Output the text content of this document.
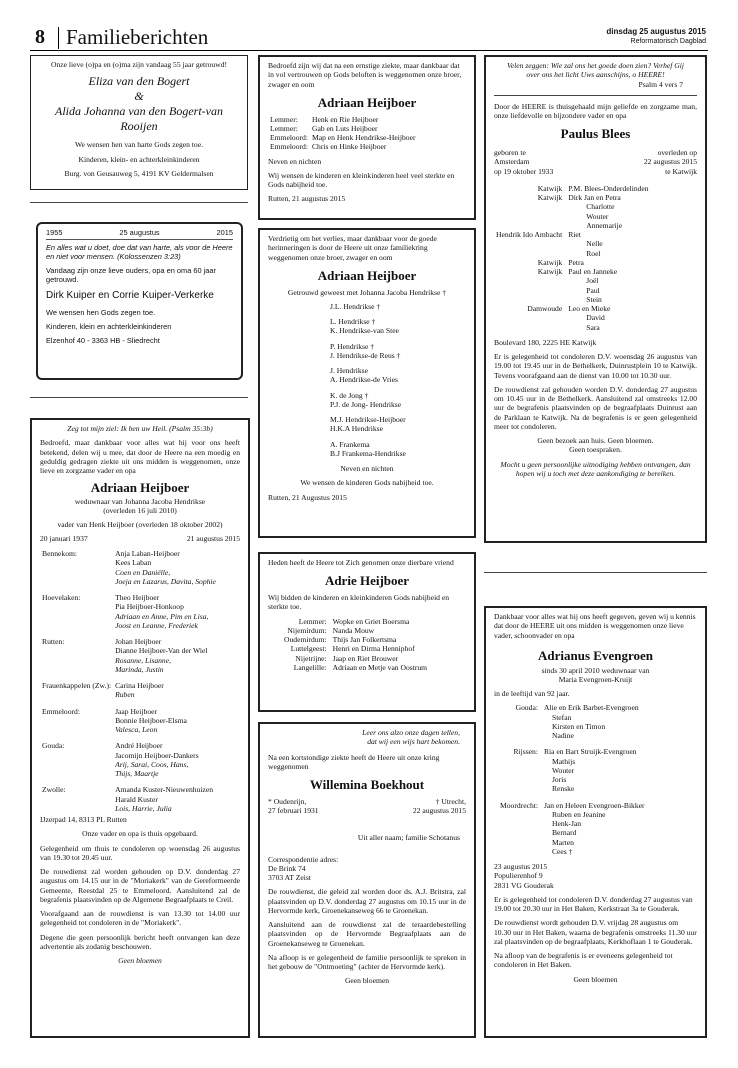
8 Familieberichten	dinsdag 25 augustus 2015
Reformatorisch Dagblad

Onze lieve (o)pa en (o)ma zijn vandaag 55 jaar getrouwd!

Eliza van den Bogert
&
Alida Johanna van den Bogert-van Rooijen

We wensen hen van harte Gods zegen toe.

Kinderen, klein- en achterkleinkinderen

Burg. von Geusauweg 5, 4191 KV Geldermalsen

1955	25 augustus	2015

En alles wat u doet, doe dat van harte, als voor de Heere en niet voor mensen. (Kolossenzen 3:23)

Vandaag zijn onze lieve ouders, opa en oma 60 jaar getrouwd.

Dirk Kuiper en Corrie Kuiper-Verkerke

We wensen hen Gods zegen toe.

Kinderen, klein en achterkleinkinderen

Elzenhof 40 - 3363 HB - Sliedrecht

Zeg tot mijn ziel: Ik ben uw Heil. (Psalm 35:3b)

Bedroefd, maar dankbaar voor alles wat hij voor ons heeft betekend, delen wij u mee, dat door de Heere na een moedig en geduldig gedragen ziekte uit ons midden is weggenomen, onze lieve en zorgzame vader en opa

Adriaan Heijboer
weduwnaar van Johanna Jacoba Hendrikse (overleden 16 juli 2010)

vader van Henk Heijboer (overleden 18 oktober 2002)

20 januari 1937	21 augustus 2015
Bennekom:	Anja Laban-Heijboer
	Kees Laban
	Coen en Daniëlle,
	Joeja en Lazarus, Davita, Sophie

Hoevelaken:	Theo Heijboer
	Pia Heijboer-Honkoop
	Adriaan en Anne, Pim en Lisa,
	Joost en Leanne, Frederiek

Rutten:	Johan Heijboer
	Dianne Heijboer-Van der Wiel
	Rosanne, Lisanne,
	Marinda, Justin

Frauenkappelen (Zw.):	Carina Heijboer
	Ruben

Emmeloord:	Jaap Heijboer
	Bonnie Heijboer-Elsma
	Valesca, Leon

Gouda:	André Heijboer
	Jacomijn Heijboer-Dankers
	Arij, Sarai, Coos, Hans,
	Thijs, Maartje

Zwolle:	Amanda Kuster-Nieuwenhuizen
	Harald Kuster
	Lois, Harrie, Julia

IJzerpad 14, 8313 PL Rutten

Onze vader en opa is thuis opgebaard.

Gelegenheid om thuis te condoleren op woensdag 26 augustus van 19.30 tot 20.45 uur.

De rouwdienst zal worden gehouden op D.V. donderdag 27 augustus om 14.15 uur in de "Moriakerk" van de Gereformeerde Gemeente, Reestdal 25 te Emmeloord. Aansluitend zal de begrafenis plaatsvinden op de Algemene Begraafplaats te Creil.

Voorafgaand aan de rouwdienst is van 13.30 tot 14.00 uur gelegenheid tot condoleren in de "Moriakerk".

Degene die geen persoonlijk bericht heeft ontvangen kan deze advertentie als zodanig beschouwen.

Geen bloemen

Bedroefd zijn wij dat na een ernstige ziekte, maar dankbaar dat in vol vertrouwen op Gods beloften is weggenomen onze broer, zwager en oom

Adriaan Heijboer
Lemmer:	Henk en Rie Heijboer
Lemmer:	Gab en Luts Heijboer
Emmeloord:	Map en Henk Hendrikse-Heijboer
Emmeloord:	Chris en Hinke Heijboer

Neven en nichten

Wij wensen de kinderen en kleinkinderen heel veel sterkte en Gods nabijheid toe.

Rutten, 21 augustus 2015

Verdrietig om het verlies, maar dankbaar voor de goede herinneringen is door de Heere uit onze familiekring weggenomen onze broer, zwager en oom

Adriaan Heijboer

Getrouwd geweest met Johanna Jacoba Hendrikse †

J.L. Hendrikse †
L. Hendrikse †
K. Hendrikse-van Stee
P. Hendrikse †
J. Hendrikse-de Reus †
J. Hendrikse
A. Hendrikse-de Vries
K. de Jong †
P.J. de Jong- Hendrikse
M.J. Hendrikse-Heijboer
H.K.A Hendrikse
A. Frankema
B.J Frankema-Hendrikse

Neven en nichten

We wensen de kinderen Gods nabijheid toe.

Rutten, 21 Augustus 2015

Heden heeft de Heere tot Zich genomen onze dierbare vriend

Adrie Heijboer

Wij bidden de kinderen en kleinkinderen Gods nabijheid en sterkte toe.

Lemmer:	Wopke en Griet Boersma
Nijemirdum:	Nanda Mouw
Oudemirdum:	Thijs Jan Folkertsma
Luttelgeest:	Henri en Dirma Henniphof
Nijetrijne:	Jaap en Riet Brouwer
Langelille:	Adriaan en Metje van Oostrum
Leer ons alzo onze dagen tellen,
dat wij een wijs hart bekomen.

Na een kortstondige ziekte heeft de Heere uit onze kring weggenomen

Willemina Boekhout
* Oudenrijn,	† Utrecht,
27 februari 1931	22 augustus 2015

Uit aller naam; familie Schotanus

Correspondentie adres:
De Brink 74

3703 AT Zeist

De rouwdienst, die geleid zal worden door ds. A.J. Britstra, zal plaatsvinden op D.V. donderdag 27 augustus om 10.15 uur in de Hervormde kerk, Groenekanseweg 66 te Groenekan.

Aansluitend aan de rouwdienst zal de teraardebestelling plaatsvinden op de Hervormde Begraafplaats aan de Groenekanseweg te Groenekan.

Na afloop is er gelegenheid de familie persoonlijk te spreken in het gebouw de "Ontmoeting" (achter de Hervormde kerk).

Geen bloemen

Velen zeggen: Wie zal ons het goede doen zien? Verhef Gij over ons het licht Uws aanschijns, o HEERE!

Psalm 4 vers 7

Door de HEERE is thuisgehaald mijn geliefde en zorgzame man, onze liefdevolle en bijzondere vader en opa

Paulus Blees
geboren te	overleden op
Amsterdam	22 augustus 2015
op 19 oktober 1933	te Katwijk
Katwijk	P.M. Blees-Onderdelinden
Katwijk	Dirk Jan en Petra
	Charlotte
	Wouter
	Annemarije
Hendrik Ido Ambacht	Riet
	Nelle
	Roel
Katwijk	Petra
Katwijk	Paul en Janneke
	Joël
	Paul
	Stein
Damwoude	Leo en Mieke
	David
	Sara

Boulevard 180, 2225 HE Katwijk

Er is gelegenheid tot condoleren D.V. woensdag 26 augustus van 19.00 tot 19.45 uur in de Bethelkerk, Duinrustplein 10 te Katwijk. Tevens voorafgaand aan de dienst van 10.00 tot 10.30 uur.

De rouwdienst zal gehouden worden D.V. donderdag 27 augustus om 10.45 uur in de Bethelkerk. Aansluitend zal omstreeks 12.00 uur de begrafenis plaatsvinden op de begraafplaats Duinrust aan de Parklaan te Katwijk. Na de begrafenis is er geen gelegenheid meer tot condoleren.

Geen bezoek aan huis. Geen bloemen.

Geen toespraken.

Mocht u geen persoonlijke uitnodiging hebben ontvangen, dan hopen wij u toch met deze aankondiging te bereiken.

Dankbaar voor alles wat hij ons heeft gegeven, geven wij u kennis dat door de HEERE uit ons midden is weggenomen onze lieve vader, schoonvader en opa

Adrianus Evengroen
sinds 30 april 2010 weduwnaar van

Maria Evengroen-Kruijt

in de leeftijd van 92 jaar.

Gouda:	Alie en Erik Barbet-Evengroen
	Stefan
	Kirsten en Timon
	Nadine

Rijssen:	Ria en Bart Struijk-Evengroen
	Mathijs
	Wouter
	Joris
	Renske

Moordrecht:	Jan en Heleen Evengroen-Bikker
	Ruben en Jeanine
	Henk-Jan
	Bernard
	Marten
	Cees †
23 augustus 2015
Populierenhof 9

2831 VG Gouderak

Er is gelegenheid tot condoleren D.V. donderdag 27 augustus van 19.00 tot 20.30 uur in Het Baken, Kerkstraat 3a te Gouderak.

De rouwdienst wordt gehouden D.V. vrijdag 28 augustus om 10.30 uur in Het Baken, waarna de begrafenis omstreeks 11.30 uur zal plaatsvinden op de begraafplaats, Kerkhoflaan 1 te Gouderak.

Na afloop van de begrafenis is er eveneens gelegenheid tot condoleren in Het Baken.

Geen bloemen
